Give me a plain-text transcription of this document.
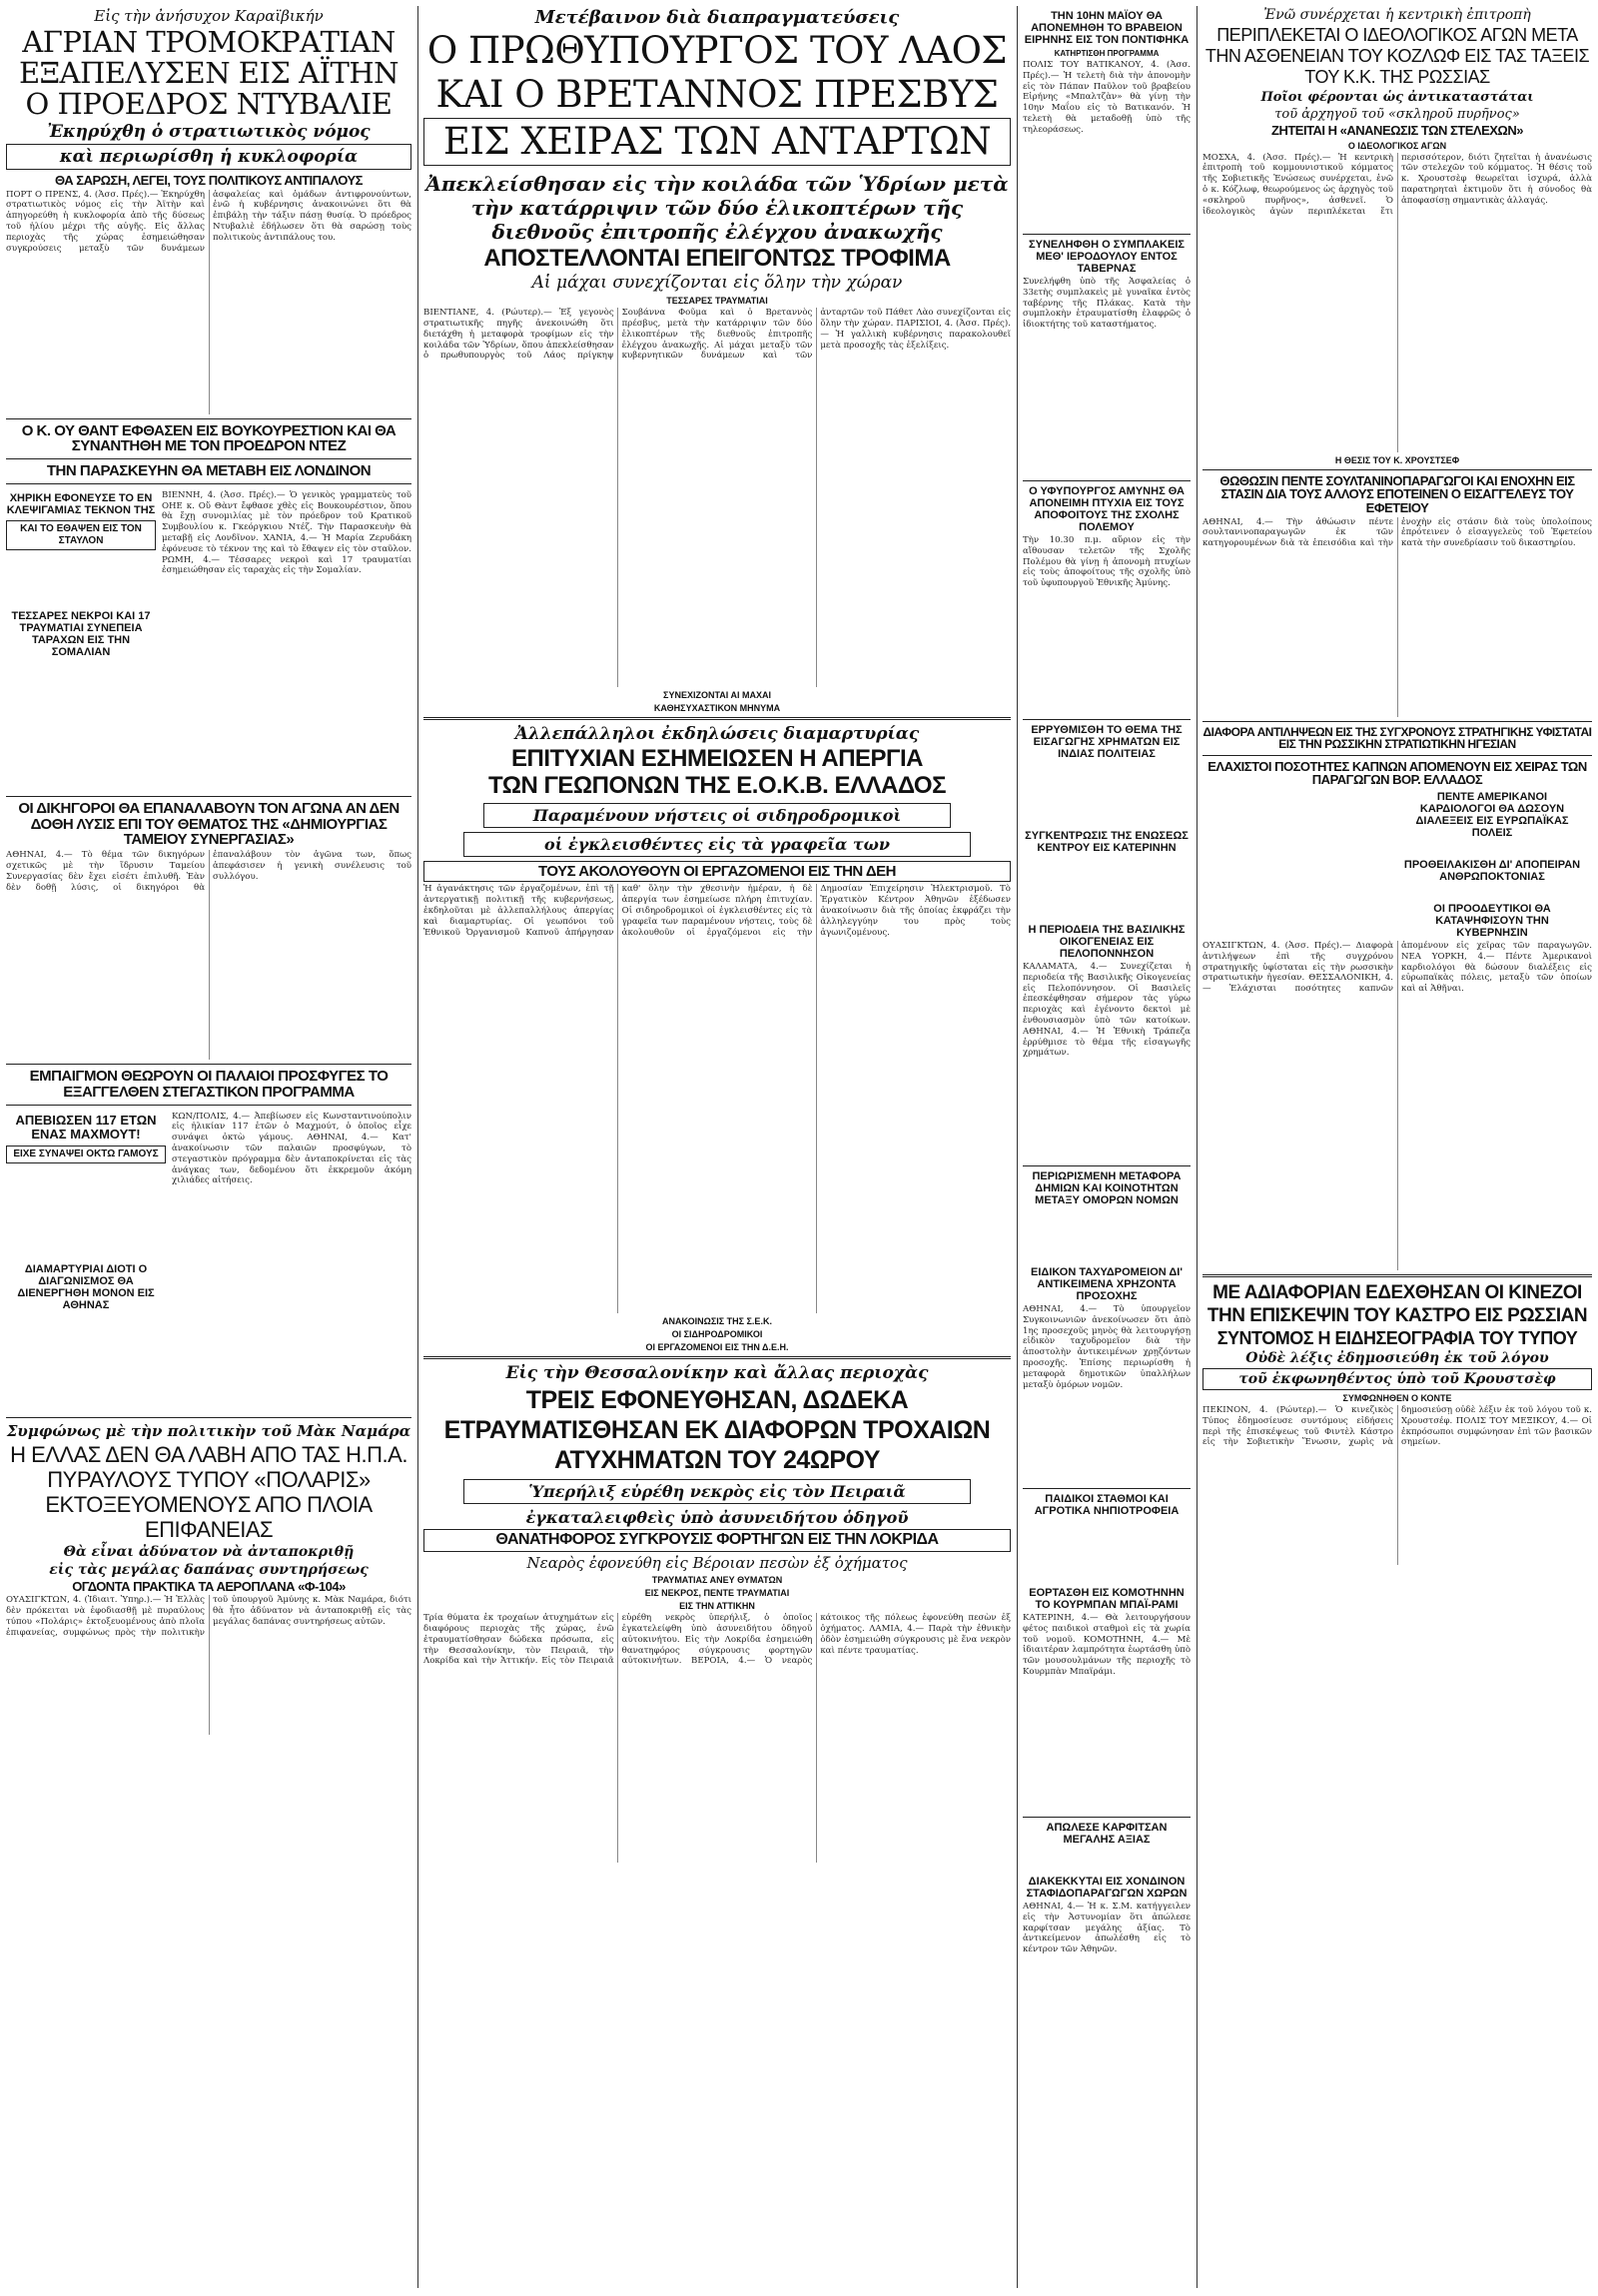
Εἰς τὴν ἀνήσυχον Καραϊβικήν
ΑΓΡΙΑΝ ΤΡΟΜΟΚΡΑΤΙΑΝ ΕΞΑΠΕΛΥΣΕΝ ΕΙΣ ΑΪΤΗΝ Ο ΠΡΟΕΔΡΟΣ ΝΤΥΒΑΛΙΕ
Ἐκηρύχθη ὁ στρατιωτικὸς νόμος
καὶ περιωρίσθη ἡ κυκλοφορία
ΘΑ ΣΑΡΩΣΗ, ΛΕΓΕΙ, ΤΟΥΣ ΠΟΛΙΤΙΚΟΥΣ ΑΝΤΙΠΑΛΟΥΣ
ΠΟΡΤ Ο ΠΡΕΝΣ, 4. (Ἀσσ. Πρές).— Ἐκηρύχθη στρατιωτικὸς νόμος εἰς τὴν Ἀϊτὴν καὶ ἀπηγορεύθη ἡ κυκλοφορία ἀπὸ τῆς δύσεως τοῦ ἡλίου μέχρι τῆς αὐγῆς. Εἰς ἄλλας περιοχὰς τῆς χώρας ἐσημειώθησαν συγκρούσεις μεταξὺ τῶν δυνάμεων ἀσφαλείας καὶ ὁμάδων ἀντιφρονούντων, ἐνῶ ἡ κυβέρνησις ἀνακοινώνει ὅτι θὰ ἐπιβάλῃ τὴν τάξιν πάσῃ θυσίᾳ. Ὁ πρόεδρος Ντυβαλιὲ ἐδήλωσεν ὅτι θὰ σαρώσῃ τοὺς πολιτικοὺς ἀντιπάλους του.
Ο Κ. ΟΥ ΘΑΝΤ ΕΦΘΑΣΕΝ ΕΙΣ ΒΟΥΚΟΥΡΕΣΤΙΟΝ ΚΑΙ ΘΑ ΣΥΝΑΝΤΗΘΗ ΜΕ ΤΟΝ ΠΡΟΕΔΡΟΝ ΝΤΕΖ
ΤΗΝ ΠΑΡΑΣΚΕΥΗΝ ΘΑ ΜΕΤΑΒΗ ΕΙΣ ΛΟΝΔΙΝΟΝ
ΧΗΡΙΚΗ ΕΦΟΝΕΥΣΕ ΤΟ ΕΝ ΚΛΕΨΙΓΑΜΙΑΣ ΤΕΚΝΟΝ ΤΗΣ
ΚΑΙ ΤΟ ΕΘΑΨΕΝ ΕΙΣ ΤΟΝ ΣΤΑΥΛΟΝ
ΤΕΣΣΑΡΕΣ ΝΕΚΡΟΙ ΚΑΙ 17 ΤΡΑΥΜΑΤΙΑΙ ΣΥΝΕΠΕΙΑ ΤΑΡΑΧΩΝ ΕΙΣ ΤΗΝ ΣΟΜΑΛΙΑΝ
ΒΙΕΝΝΗ, 4. (Ἀσσ. Πρές).— Ὁ γενικὸς γραμματεὺς τοῦ ΟΗΕ κ. Οὔ Θὰντ ἔφθασε χθὲς εἰς Βουκουρέστιον, ὅπου θὰ ἔχῃ συνομιλίας μὲ τὸν πρόεδρον τοῦ Κρατικοῦ Συμβουλίου κ. Γκεόργκιου Ντέζ. Τὴν Παρασκευὴν θὰ μεταβῇ εἰς Λονδῖνον. ΧΑΝΙΑ, 4.— Ἡ Μαρία Ζερυδάκη ἐφόνευσε τὸ τέκνον της καὶ τὸ ἔθαψεν εἰς τὸν σταῦλον. ΡΩΜΗ, 4.— Τέσσαρες νεκροὶ καὶ 17 τραυματίαι ἐσημειώθησαν εἰς ταραχὰς εἰς τὴν Σομαλίαν.
ΟΙ ΔΙΚΗΓΟΡΟΙ ΘΑ ΕΠΑΝΑΛΑΒΟΥΝ ΤΟΝ ΑΓΩΝΑ ΑΝ ΔΕΝ ΔΟΘΗ ΛΥΣΙΣ ΕΠΙ ΤΟΥ ΘΕΜΑΤΟΣ ΤΗΣ «ΔΗΜΙΟΥΡΓΙΑΣ ΤΑΜΕΙΟΥ ΣΥΝΕΡΓΑΣΙΑΣ»
ΑΘΗΝΑΙ, 4.— Τὸ θέμα τῶν δικηγόρων σχετικῶς μὲ τὴν ἵδρυσιν Ταμείου Συνεργασίας δὲν ἔχει εἰσέτι ἐπιλυθῆ. Ἐὰν δὲν δοθῇ λύσις, οἱ δικηγόροι θὰ ἐπαναλάβουν τὸν ἀγῶνα των, ὅπως ἀπεφάσισεν ἡ γενικὴ συνέλευσις τοῦ συλλόγου.
ΕΜΠΑΙΓΜΟΝ ΘΕΩΡΟΥΝ ΟΙ ΠΑΛΑΙΟΙ ΠΡΟΣΦΥΓΕΣ ΤΟ ΕΞΑΓΓΕΛΘΕΝ ΣΤΕΓΑΣΤΙΚΟΝ ΠΡΟΓΡΑΜΜΑ
ΑΠΕΒΙΩΣΕΝ 117 ΕΤΩΝ ΕΝΑΣ ΜΑΧΜΟΥΤ!
ΕΙΧΕ ΣΥΝΑΨΕΙ ΟΚΤΩ ΓΑΜΟΥΣ
ΔΙΑΜΑΡΤΥΡΙΑΙ ΔΙΟΤΙ Ο ΔΙΑΓΩΝΙΣΜΟΣ ΘΑ ΔΙΕΝΕΡΓΗΘΗ ΜΟΝΟΝ ΕΙΣ ΑΘΗΝΑΣ
ΚΩΝ/ΠΟΛΙΣ, 4.— Ἀπεβίωσεν εἰς Κωνσταντινούπολιν εἰς ἡλικίαν 117 ἐτῶν ὁ Μαχμούτ, ὁ ὁποῖος εἶχε συνάψει ὀκτὼ γάμους. ΑΘΗΝΑΙ, 4.— Κατ' ἀνακοίνωσιν τῶν παλαιῶν προσφύγων, τὸ στεγαστικὸν πρόγραμμα δὲν ἀνταποκρίνεται εἰς τὰς ἀνάγκας των, δεδομένου ὅτι ἐκκρεμοῦν ἀκόμη χιλιάδες αἰτήσεις.
Συμφώνως μὲ τὴν πολιτικὴν τοῦ Μὰκ Ναμάρα
Η ΕΛΛΑΣ ΔΕΝ ΘΑ ΛΑΒΗ ΑΠΟ ΤΑΣ Η.Π.Α. ΠΥΡΑΥΛΟΥΣ ΤΥΠΟΥ «ΠΟΛΑΡΙΣ» ΕΚΤΟΞΕΥΟΜΕΝΟΥΣ ΑΠΟ ΠΛΟΙΑ ΕΠΙΦΑΝΕΙΑΣ
Θὰ εἶναι ἀδύνατον νὰ ἀνταποκριθῇ
εἰς τὰς μεγάλας δαπάνας συντηρήσεως
ΟΓΔΟΝΤΑ ΠΡΑΚΤΙΚΑ ΤΑ ΑΕΡΟΠΛΑΝΑ «Φ-104»
ΟΥΑΣΙΓΚΤΩΝ, 4. (Ἰδιαιτ. Ὑπηρ.).— Ἡ Ἑλλὰς δὲν πρόκειται νὰ ἐφοδιασθῇ μὲ πυραύλους τύπου «Πολάρις» ἐκτοξευομένους ἀπὸ πλοῖα ἐπιφανείας, συμφώνως πρὸς τὴν πολιτικὴν τοῦ ὑπουργοῦ Ἀμύνης κ. Μὰκ Ναμάρα, διότι θὰ ἦτο ἀδύνατον νὰ ἀνταποκριθῇ εἰς τὰς μεγάλας δαπάνας συντηρήσεως αὐτῶν.
Μετέβαινον διὰ διαπραγματεύσεις
Ο ΠΡΩΘΥΠΟΥΡΓΟΣ ΤΟΥ ΛΑΟΣ
ΚΑΙ Ο ΒΡΕΤΑΝΝΟΣ ΠΡΕΣΒΥΣ
ΕΙΣ ΧΕΙΡΑΣ ΤΩΝ ΑΝΤΑΡΤΩΝ
Ἀπεκλείσθησαν εἰς τὴν κοιλάδα τῶν Ὑδρίων μετὰ τὴν κατάρριψιν τῶν δύο ἑλικοπτέρων τῆς διεθνοῦς ἐπιτροπῆς ἐλέγχου ἀνακωχῆς
ΑΠΟΣΤΕΛΛΟΝΤΑΙ ΕΠΕΙΓΟΝΤΩΣ ΤΡΟΦΙΜΑ
Αἱ μάχαι συνεχίζονται εἰς ὅλην τὴν χώραν
ΤΕΣΣΑΡΕΣ ΤΡΑΥΜΑΤΙΑΙ
ΒΙΕΝΤΙΑΝΕ, 4. (Ρώυτερ).— Ἐξ γεγονὸς στρατιωτικῆς πηγῆς ἀνεκοινώθη ὅτι διετάχθη ἡ μεταφορὰ τροφίμων εἰς τὴν κοιλάδα τῶν Ὑδρίων, ὅπου ἀπεκλείσθησαν ὁ πρωθυπουργὸς τοῦ Λάος πρίγκηψ Σουβάννα Φοῦμα καὶ ὁ Βρεταννὸς πρέσβυς, μετὰ τὴν κατάρριψιν τῶν δύο ἑλικοπτέρων τῆς διεθνοῦς ἐπιτροπῆς ἐλέγχου ἀνακωχῆς. Αἱ μάχαι μεταξὺ τῶν κυβερνητικῶν δυνάμεων καὶ τῶν ἀνταρτῶν τοῦ Πάθετ Λὰο συνεχίζονται εἰς ὅλην τὴν χώραν. ΠΑΡΙΣΙΟΙ, 4. (Ἀσσ. Πρές).— Ἡ γαλλικὴ κυβέρνησις παρακολουθεῖ μετὰ προσοχῆς τὰς ἐξελίξεις.
ΣΥΝΕΧΙΖΟΝΤΑΙ ΑΙ ΜΑΧΑΙ
ΚΑΘΗΣΥΧΑΣΤΙΚΟΝ ΜΗΝΥΜΑ
Ἀλλεπάλληλοι ἐκδηλώσεις διαμαρτυρίας
ΕΠΙΤΥΧΙΑΝ ΕΣΗΜΕΙΩΣΕΝ Η ΑΠΕΡΓΙΑ
ΤΩΝ ΓΕΩΠΟΝΩΝ ΤΗΣ Ε.Ο.Κ.Β. ΕΛΛΑΔΟΣ
Παραμένουν νήστεις οἱ σιδηροδρομικοὶ
οἱ ἐγκλεισθέντες εἰς τὰ γραφεῖα των
ΤΟΥΣ ΑΚΟΛΟΥΘΟΥΝ ΟΙ ΕΡΓΑΖΟΜΕΝΟΙ ΕΙΣ ΤΗΝ ΔΕΗ
Ἡ ἀγανάκτησις τῶν ἐργαζομένων, ἐπὶ τῇ ἀντεργατικῇ πολιτικῇ τῆς κυβερνήσεως, ἐκδηλοῦται μὲ ἀλλεπαλλήλους ἀπεργίας καὶ διαμαρτυρίας. Οἱ γεωπόνοι τοῦ Ἐθνικοῦ Ὀργανισμοῦ Καπνοῦ ἀπήργησαν καθ' ὅλην τὴν χθεσινὴν ἡμέραν, ἡ δὲ ἀπεργία των ἐσημείωσε πλήρη ἐπιτυχίαν. Οἱ σιδηροδρομικοὶ οἱ ἐγκλεισθέντες εἰς τὰ γραφεῖα των παραμένουν νήστεις, τοὺς δὲ ἀκολουθοῦν οἱ ἐργαζόμενοι εἰς τὴν Δημοσίαν Ἐπιχείρησιν Ἠλεκτρισμοῦ. Τὸ Ἐργατικὸν Κέντρον Ἀθηνῶν ἐξέδωσεν ἀνακοίνωσιν διὰ τῆς ὁποίας ἐκφράζει τὴν ἀλληλεγγύην του πρὸς τοὺς ἀγωνιζομένους.
ΑΝΑΚΟΙΝΩΣΙΣ ΤΗΣ Σ.Ε.Κ.
ΟΙ ΣΙΔΗΡΟΔΡΟΜΙΚΟΙ
ΟΙ ΕΡΓΑΖΟΜΕΝΟΙ ΕΙΣ ΤΗΝ Δ.Ε.Η.
Εἰς τὴν Θεσσαλονίκην καὶ ἄλλας περιοχὰς
ΤΡΕΙΣ ΕΦΟΝΕΥΘΗΣΑΝ, ΔΩΔΕΚΑ ΕΤΡΑΥΜΑΤΙΣΘΗΣΑΝ ΕΚ ΔΙΑΦΟΡΩΝ ΤΡΟΧΑΙΩΝ ΑΤΥΧΗΜΑΤΩΝ ΤΟΥ 24ΩΡΟΥ
Ὑπερήλιξ εὑρέθη νεκρὸς εἰς τὸν Πειραιᾶ
ἐγκαταλειφθεὶς ὑπὸ ἀσυνειδήτου ὁδηγοῦ
ΘΑΝΑΤΗΦΟΡΟΣ ΣΥΓΚΡΟΥΣΙΣ ΦΟΡΤΗΓΩΝ ΕΙΣ ΤΗΝ ΛΟΚΡΙΔΑ
Νεαρὸς ἐφονεύθη εἰς Βέροιαν πεσὼν ἐξ ὀχήματος
ΤΡΑΥΜΑΤΙΑΣ ΑΝΕΥ ΘΥΜΑΤΩΝ
ΕΙΣ ΝΕΚΡΟΣ, ΠΕΝΤΕ ΤΡΑΥΜΑΤΙΑΙ
ΕΙΣ ΤΗΝ ΑΤΤΙΚΗΝ
Τρία θύματα ἐκ τροχαίων ἀτυχημάτων εἰς διαφόρους περιοχὰς τῆς χώρας, ἐνῶ ἐτραυματίσθησαν δώδεκα πρόσωπα, εἰς τὴν Θεσσαλονίκην, τὸν Πειραιᾶ, τὴν Λοκρίδα καὶ τὴν Ἀττικήν. Εἰς τὸν Πειραιᾶ εὑρέθη νεκρὸς ὑπερήλιξ, ὁ ὁποῖος ἐγκατελείφθη ὑπὸ ἀσυνειδήτου ὁδηγοῦ αὐτοκινήτου. Εἰς τὴν Λοκρίδα ἐσημειώθη θανατηφόρος σύγκρουσις φορτηγῶν αὐτοκινήτων. ΒΕΡΟΙΑ, 4.— Ὁ νεαρὸς κάτοικος τῆς πόλεως ἐφονεύθη πεσὼν ἐξ ὀχήματος. ΛΑΜΙΑ, 4.— Παρὰ τὴν ἐθνικὴν ὁδὸν ἐσημειώθη σύγκρουσις μὲ ἕνα νεκρὸν καὶ πέντε τραυματίας.
ΤΗΝ 10ΗΝ ΜΑΪΟΥ ΘΑ ΑΠΟΝΕΜΗΘΗ ΤΟ ΒΡΑΒΕΙΟΝ ΕΙΡΗΝΗΣ ΕΙΣ ΤΟΝ ΠΟΝΤΙΦΗΚΑ
ΚΑΤΗΡΤΙΣΘΗ ΠΡΟΓΡΑΜΜΑ
ΠΟΛΙΣ ΤΟΥ ΒΑΤΙΚΑΝΟΥ, 4. (Ἀσσ. Πρές).— Ἡ τελετὴ διὰ τὴν ἀπονομὴν εἰς τὸν Πάπαν Παῦλον τοῦ βραβείου Εἰρήνης «Μπαλτζὰν» θὰ γίνῃ τὴν 10ην Μαΐου εἰς τὸ Βατικανόν. Ἡ τελετὴ θὰ μεταδοθῇ ὑπὸ τῆς τηλεοράσεως.
ΣΥΝΕΛΗΦΘΗ Ο ΣΥΜΠΛΑΚΕΙΣ ΜΕΘ' ΙΕΡΟΔΟΥΛΟΥ ΕΝΤΟΣ ΤΑΒΕΡΝΑΣ
Συνελήφθη ὑπὸ τῆς Ἀσφαλείας ὁ 33ετὴς συμπλακεὶς μὲ γυναῖκα ἐντὸς ταβέρνης τῆς Πλάκας. Κατὰ τὴν συμπλοκὴν ἐτραυματίσθη ἐλαφρῶς ὁ ἰδιοκτήτης τοῦ καταστήματος.
Ο ΥΦΥΠΟΥΡΓΟΣ ΑΜΥΝΗΣ ΘΑ ΑΠΟΝΕΙΜΗ ΠΤΥΧΙΑ ΕΙΣ ΤΟΥΣ ΑΠΟΦΟΙΤΟΥΣ ΤΗΣ ΣΧΟΛΗΣ ΠΟΛΕΜΟΥ
Τὴν 10.30 π.μ. αὔριον εἰς τὴν αἴθουσαν τελετῶν τῆς Σχολῆς Πολέμου θὰ γίνῃ ἡ ἀπονομὴ πτυχίων εἰς τοὺς ἀποφοίτους τῆς σχολῆς ὑπὸ τοῦ ὑφυπουργοῦ Ἐθνικῆς Ἀμύνης.
ΕΡΡΥΘΜΙΣΘΗ ΤΟ ΘΕΜΑ ΤΗΣ ΕΙΣΑΓΩΓΗΣ ΧΡΗΜΑΤΩΝ ΕΙΣ ΙΝΔΙΑΣ ΠΟΛΙΤΕΙΑΣ
ΣΥΓΚΕΝΤΡΩΣΙΣ ΤΗΣ ΕΝΩΣΕΩΣ ΚΕΝΤΡΟΥ ΕΙΣ ΚΑΤΕΡΙΝΗΝ
Η ΠΕΡΙΟΔΕΙΑ ΤΗΣ ΒΑΣΙΛΙΚΗΣ ΟΙΚΟΓΕΝΕΙΑΣ ΕΙΣ ΠΕΛΟΠΟΝΝΗΣΟΝ
ΚΑΛΑΜΑΤΑ, 4.— Συνεχίζεται ἡ περιοδεία τῆς Βασιλικῆς Οἰκογενείας εἰς Πελοπόννησον. Οἱ Βασιλεῖς ἐπεσκέφθησαν σήμερον τὰς γύρω περιοχὰς καὶ ἐγένοντο δεκτοὶ μὲ ἐνθουσιασμὸν ὑπὸ τῶν κατοίκων. ΑΘΗΝΑΙ, 4.— Ἡ Ἐθνικὴ Τράπεζα ἐρρύθμισε τὸ θέμα τῆς εἰσαγωγῆς χρημάτων.
ΠΕΡΙΩΡΙΣΜΕΝΗ ΜΕΤΑΦΟΡΑ ΔΗΜΙΩΝ ΚΑΙ ΚΟΙΝΟΤΗΤΩΝ ΜΕΤΑΞΥ ΟΜΟΡΩΝ ΝΟΜΩΝ
ΕΙΔΙΚΟΝ ΤΑΧΥΔΡΟΜΕΙΟΝ ΔΙ' ΑΝΤΙΚΕΙΜΕΝΑ ΧΡΗΖΟΝΤΑ ΠΡΟΣΟΧΗΣ
ΑΘΗΝΑΙ, 4.— Τὸ ὑπουργεῖον Συγκοινωνιῶν ἀνεκοίνωσεν ὅτι ἀπὸ 1ης προσεχοῦς μηνὸς θὰ λειτουργήσῃ εἰδικὸν ταχυδρομεῖον διὰ τὴν ἀποστολὴν ἀντικειμένων χρῃζόντων προσοχῆς. Ἐπίσης περιωρίσθη ἡ μεταφορὰ δημοτικῶν ὑπαλλήλων μεταξὺ ὁμόρων νομῶν.
ΠΑΙΔΙΚΟΙ ΣΤΑΘΜΟΙ ΚΑΙ ΑΓΡΟΤΙΚΑ ΝΗΠΙΟΤΡΟΦΕΙΑ
ΕΟΡΤΑΣΘΗ ΕΙΣ ΚΟΜΟΤΗΝΗΝ ΤΟ ΚΟΥΡΜΠΑΝ ΜΠΑΪ-ΡΑΜΙ
ΚΑΤΕΡΙΝΗ, 4.— Θὰ λειτουργήσουν φέτος παιδικοὶ σταθμοὶ εἰς τὰ χωρία τοῦ νομοῦ. ΚΟΜΟΤΗΝΗ, 4.— Μὲ ἰδιαιτέραν λαμπρότητα ἑωρτάσθη ὑπὸ τῶν μουσουλμάνων τῆς περιοχῆς τὸ Κουρμπὰν Μπαϊράμι.
ΑΠΩΛΕΣΕ ΚΑΡΦΙΤΣΑΝ ΜΕΓΑΛΗΣ ΑΞΙΑΣ
ΔΙΑΚΕΚΚΥΤΑΙ ΕΙΣ ΧΟΝΔΙΝΟΝ ΣΤΑΦΙΔΟΠΑΡΑΓΩΓΩΝ ΧΩΡΩΝ
ΑΘΗΝΑΙ, 4.— Ἡ κ. Σ.Μ. κατήγγειλεν εἰς τὴν Ἀστυνομίαν ὅτι ἀπώλεσε καρφίτσαν μεγάλης ἀξίας. Τὸ ἀντικείμενον ἀπωλέσθη εἰς τὸ κέντρον τῶν Ἀθηνῶν.
Ἐνῶ συνέρχεται ἡ κεντρικὴ ἐπιτροπὴ
ΠΕΡΙΠΛΕΚΕΤΑΙ Ο ΙΔΕΟΛΟΓΙΚΟΣ ΑΓΩΝ ΜΕΤΑ ΤΗΝ ΑΣΘΕΝΕΙΑΝ ΤΟΥ ΚΟΖΛΩΦ ΕΙΣ ΤΑΣ ΤΑΞΕΙΣ ΤΟΥ Κ.Κ. ΤΗΣ ΡΩΣΣΙΑΣ
Ποῖοι φέρονται ὡς ἀντικαταστάται
τοῦ ἀρχηγοῦ τοῦ «σκληροῦ πυρῆνος»
ΖΗΤΕΙΤΑΙ Η «ΑΝΑΝΕΩΣΙΣ ΤΩΝ ΣΤΕΛΕΧΩΝ»
Ο ΙΔΕΟΛΟΓΙΚΟΣ ΑΓΩΝ
ΜΟΣΧΑ, 4. (Ἀσσ. Πρές).— Ἡ κεντρικὴ ἐπιτροπὴ τοῦ κομμουνιστικοῦ κόμματος τῆς Σοβιετικῆς Ἑνώσεως συνέρχεται, ἐνῶ ὁ κ. Κόζλωφ, θεωρούμενος ὡς ἀρχηγὸς τοῦ «σκληροῦ πυρῆνος», ἀσθενεῖ. Ὁ ἰδεολογικὸς ἀγὼν περιπλέκεται ἔτι περισσότερον, διότι ζητεῖται ἡ ἀνανέωσις τῶν στελεχῶν τοῦ κόμματος. Ἡ θέσις τοῦ κ. Χρουστσὲφ θεωρεῖται ἰσχυρά, ἀλλὰ παρατηρηταὶ ἐκτιμοῦν ὅτι ἡ σύνοδος θὰ ἀποφασίσῃ σημαντικὰς ἀλλαγάς.
Η ΘΕΣΙΣ ΤΟΥ Κ. ΧΡΟΥΣΤΣΕΦ
ΘΩΘΩΣΙΝ ΠΕΝΤΕ ΣΟΥΛΤΑΝΙΝΟΠΑΡΑΓΩΓΟΙ ΚΑΙ ΕΝΟΧΗΝ ΕΙΣ ΣΤΑΣΙΝ ΔΙΑ ΤΟΥΣ ΑΛΛΟΥΣ ΕΠΟΤΕΙΝΕΝ Ο ΕΙΣΑΓΓΕΛΕΥΣ ΤΟΥ ΕΦΕΤΕΙΟΥ
ΑΘΗΝΑΙ, 4.— Τὴν ἀθώωσιν πέντε σουλτανινοπαραγωγῶν ἐκ τῶν κατηγορουμένων διὰ τὰ ἐπεισόδια καὶ τὴν ἐνοχὴν εἰς στάσιν διὰ τοὺς ὑπολοίπους ἐπρότεινεν ὁ εἰσαγγελεὺς τοῦ Ἐφετείου κατὰ τὴν συνεδρίασιν τοῦ δικαστηρίου.
ΔΙΑΦΟΡΑ ΑΝΤΙΛΗΨΕΩΝ ΕΙΣ ΤΗΣ ΣΥΓΧΡΟΝΟΥΣ ΣΤΡΑΤΗΓΙΚΗΣ ΥΦΙΣΤΑΤΑΙ ΕΙΣ ΤΗΝ ΡΩΣΣΙΚΗΝ ΣΤΡΑΤΙΩΤΙΚΗΝ ΗΓΕΣΙΑΝ
ΕΛΑΧΙΣΤΟΙ ΠΟΣΟΤΗΤΕΣ ΚΑΠΝΩΝ ΑΠΟΜΕΝΟΥΝ ΕΙΣ ΧΕΙΡΑΣ ΤΩΝ ΠΑΡΑΓΩΓΩΝ ΒΟΡ. ΕΛΛΑΔΟΣ
ΠΕΝΤΕ ΑΜΕΡΙΚΑΝΟΙ ΚΑΡΔΙΟΛΟΓΟΙ ΘΑ ΔΩΣΟΥΝ ΔΙΑΛΕΞΕΙΣ ΕΙΣ ΕΥΡΩΠΑΪΚΑΣ ΠΟΛΕΙΣ
ΠΡΟΘΕΙΛΑΚΙΣΘΗ ΔΙ' ΑΠΟΠΕΙΡΑΝ ΑΝΘΡΩΠΟΚΤΟΝΙΑΣ
ΟΙ ΠΡΟΟΔΕΥΤΙΚΟΙ ΘΑ ΚΑΤΑΨΗΦΙΣΟΥΝ ΤΗΝ ΚΥΒΕΡΝΗΣΙΝ
ΟΥΑΣΙΓΚΤΩΝ, 4. (Ἀσσ. Πρές).— Διαφορὰ ἀντιλήψεων ἐπὶ τῆς συγχρόνου στρατηγικῆς ὑφίσταται εἰς τὴν ρωσσικὴν στρατιωτικὴν ἡγεσίαν. ΘΕΣΣΑΛΟΝΙΚΗ, 4.— Ἐλάχισται ποσότητες καπνῶν ἀπομένουν εἰς χεῖρας τῶν παραγωγῶν. ΝΕΑ ΥΟΡΚΗ, 4.— Πέντε Ἀμερικανοὶ καρδιολόγοι θὰ δώσουν διαλέξεις εἰς εὐρωπαϊκὰς πόλεις, μεταξὺ τῶν ὁποίων καὶ αἱ Ἀθῆναι.
ΜΕ ΑΔΙΑΦΟΡΙΑΝ ΕΔΕΧΘΗΣΑΝ ΟΙ ΚΙΝΕΖΟΙ ΤΗΝ ΕΠΙΣΚΕΨΙΝ ΤΟΥ ΚΑΣΤΡΟ ΕΙΣ ΡΩΣΣΙΑΝ
ΣΥΝΤΟΜΟΣ Η ΕΙΔΗΣΕΟΓΡΑΦΙΑ ΤΟΥ ΤΥΠΟΥ
Οὐδὲ λέξις ἐδημοσιεύθη ἐκ τοῦ λόγου
τοῦ ἐκφωνηθέντος ὑπὸ τοῦ Κρουστσὲφ
ΣΥΜΦΩΝΗΘΕΝ Ο ΚΟΝΤΕ
ΠΕΚΙΝΟΝ, 4. (Ρώυτερ).— Ὁ κινεζικὸς Τύπος ἐδημοσίευσε συντόμους εἰδήσεις περὶ τῆς ἐπισκέψεως τοῦ Φιντὲλ Κάστρο εἰς τὴν Σοβιετικὴν Ἕνωσιν, χωρὶς νὰ δημοσιεύσῃ οὐδὲ λέξιν ἐκ τοῦ λόγου τοῦ κ. Χρουστσέφ. ΠΟΛΙΣ ΤΟΥ ΜΕΞΙΚΟΥ, 4.— Οἱ ἐκπρόσωποι συμφώνησαν ἐπὶ τῶν βασικῶν σημείων.
